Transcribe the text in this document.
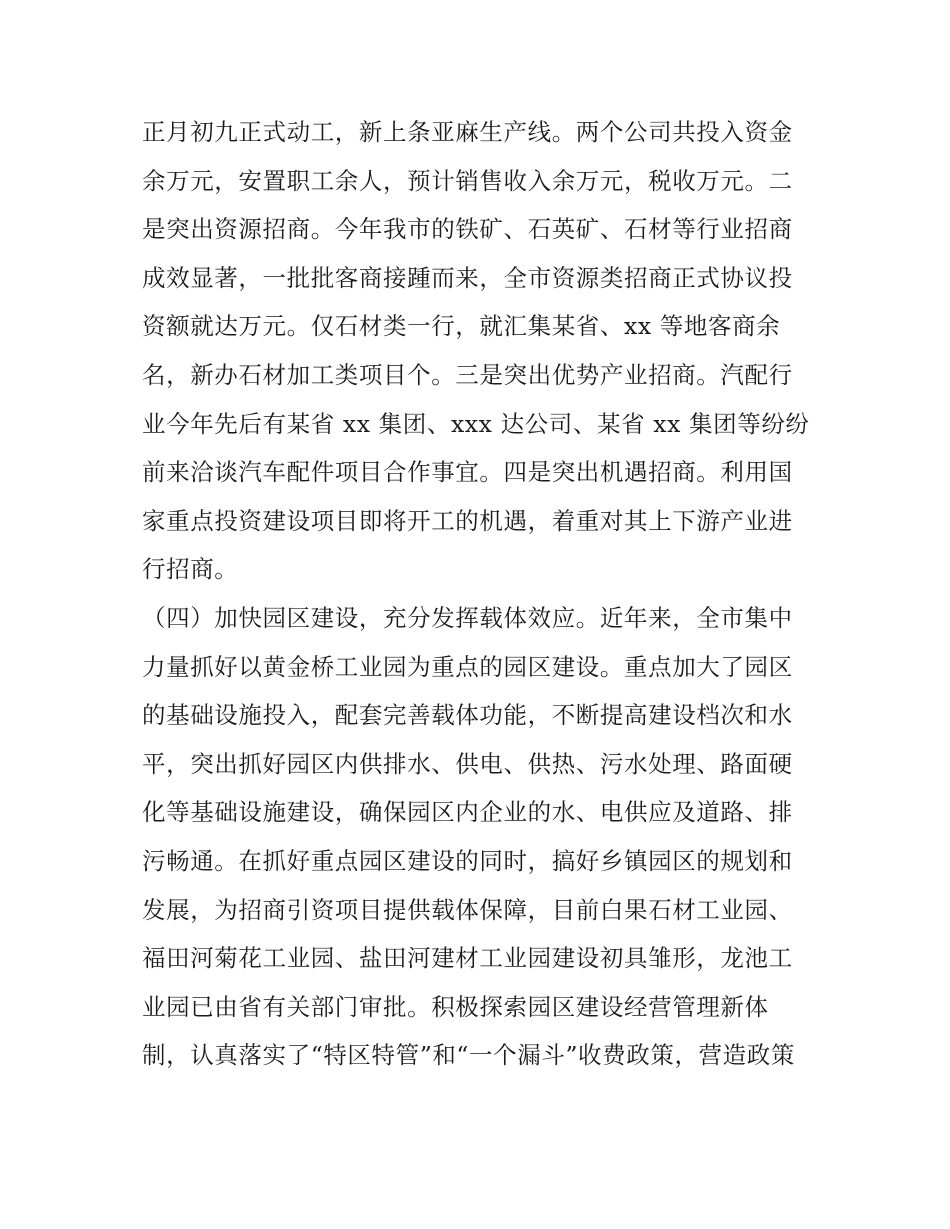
正月初九正式动工，新上条亚麻生产线。两个公司共投入资金
余万元，安置职工余人，预计销售收入余万元，税收万元。二
是突出资源招商。今年我市的铁矿、石英矿、石材等行业招商
成效显著，一批批客商接踵而来，全市资源类招商正式协议投
资额就达万元。仅石材类一行，就汇集某省、xx 等地客商余
名，新办石材加工类项目个。三是突出优势产业招商。汽配行
业今年先后有某省 xx 集团、xxx 达公司、某省 xx 集团等纷纷
前来洽谈汽车配件项目合作事宜。四是突出机遇招商。利用国
家重点投资建设项目即将开工的机遇，着重对其上下游产业进
行招商。
（四）加快园区建设，充分发挥载体效应。近年来，全市集中
力量抓好以黄金桥工业园为重点的园区建设。重点加大了园区
的基础设施投入，配套完善载体功能，不断提高建设档次和水
平，突出抓好园区内供排水、供电、供热、污水处理、路面硬
化等基础设施建设，确保园区内企业的水、电供应及道路、排
污畅通。在抓好重点园区建设的同时，搞好乡镇园区的规划和
发展，为招商引资项目提供载体保障，目前白果石材工业园、
福田河菊花工业园、盐田河建材工业园建设初具雏形，龙池工
业园已由省有关部门审批。积极探索园区建设经营管理新体
制，认真落实了“特区特管”和“一个漏斗”收费政策，营造政策
